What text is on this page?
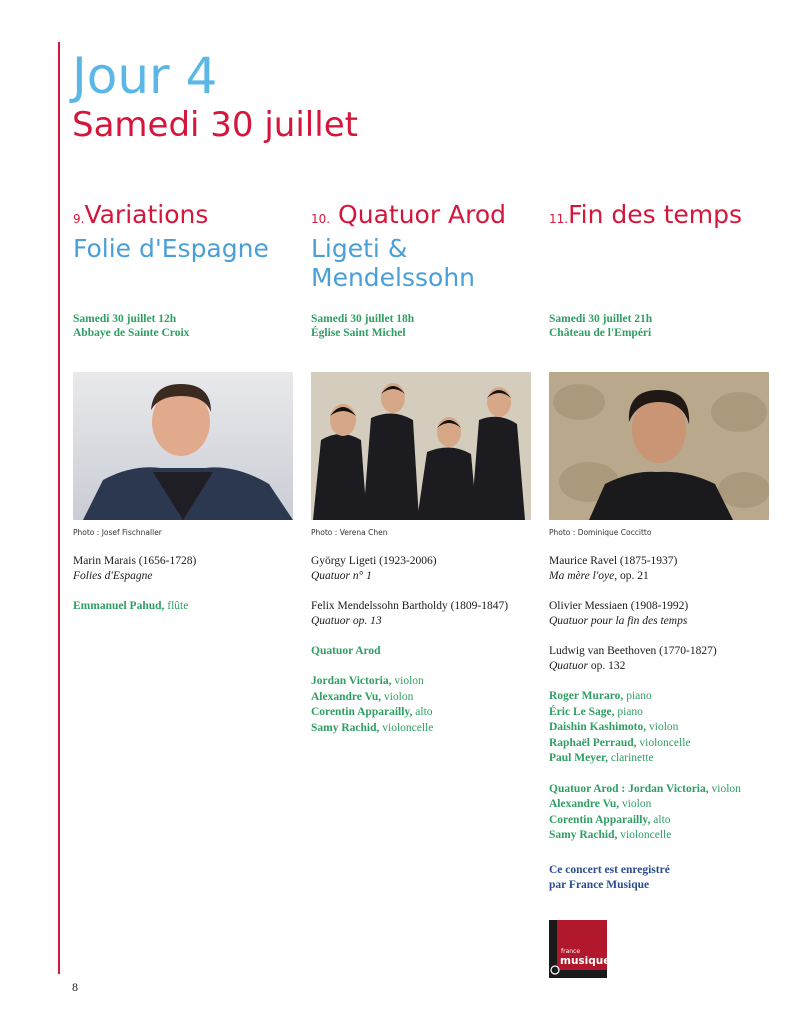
Jour 4
Samedi 30 juillet
9.Variations
Folie d'Espagne

Samedi 30 juillet 12h
Abbaye de Sainte Croix

Photo : Josef Fischnaller

Marin Marais (1656-1728)
Folies d'Espagne

Emmanuel Pahud, flûte

10. Quatuor Arod
Ligeti & Mendelssohn

Samedi 30 juillet 18h
Église Saint Michel

Photo : Verena Chen

György Ligeti (1923-2006)
Quatuor n° 1

Felix Mendelssohn Bartholdy (1809-1847)
Quatuor op. 13

Quatuor Arod

Jordan Victoria, violon
Alexandre Vu, violon
Corentin Apparailly, alto
Samy Rachid, violoncelle

11.Fin des temps

Samedi 30 juillet 21h
Château de l'Empéri

Photo : Dominique Coccitto

Maurice Ravel (1875-1937)
Ma mère l'oye, op. 21

Olivier Messiaen (1908-1992)
Quatuor pour la fin des temps

Ludwig van Beethoven (1770-1827)
Quatuor op. 132

Roger Muraro, piano
Éric Le Sage, piano
Daishin Kashimoto, violon
Raphaël Perraud, violoncelle
Paul Meyer, clarinette

Quatuor Arod : Jordan Victoria, violon
Alexandre Vu, violon
Corentin Apparailly, alto
Samy Rachid, violoncelle

Ce concert est enregistré
par France Musique

france
musique
8
